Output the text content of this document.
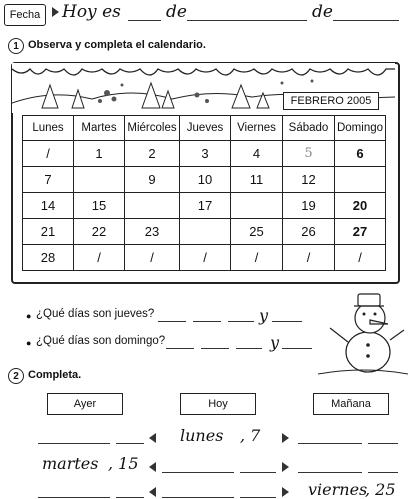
Fecha	Hoy es	de	de
1 Observa y completa el calendario.
FEBRERO 2005
Lunes	Martes	Miércoles	Jueves	Viernes	Sábado	Domingo
/	1	2	3	4	5	6
7		9	10	11	12	
14	15		17		19	20
21	22	23		25	26	27
28	/	/	/	/	/	/
● ¿Qué días son jueves?	y
● ¿Qué días son domingo?	y
2 Completa.
Ayer	Hoy	Mañana
lunes , 7
martes , 15
viernes
, 25
